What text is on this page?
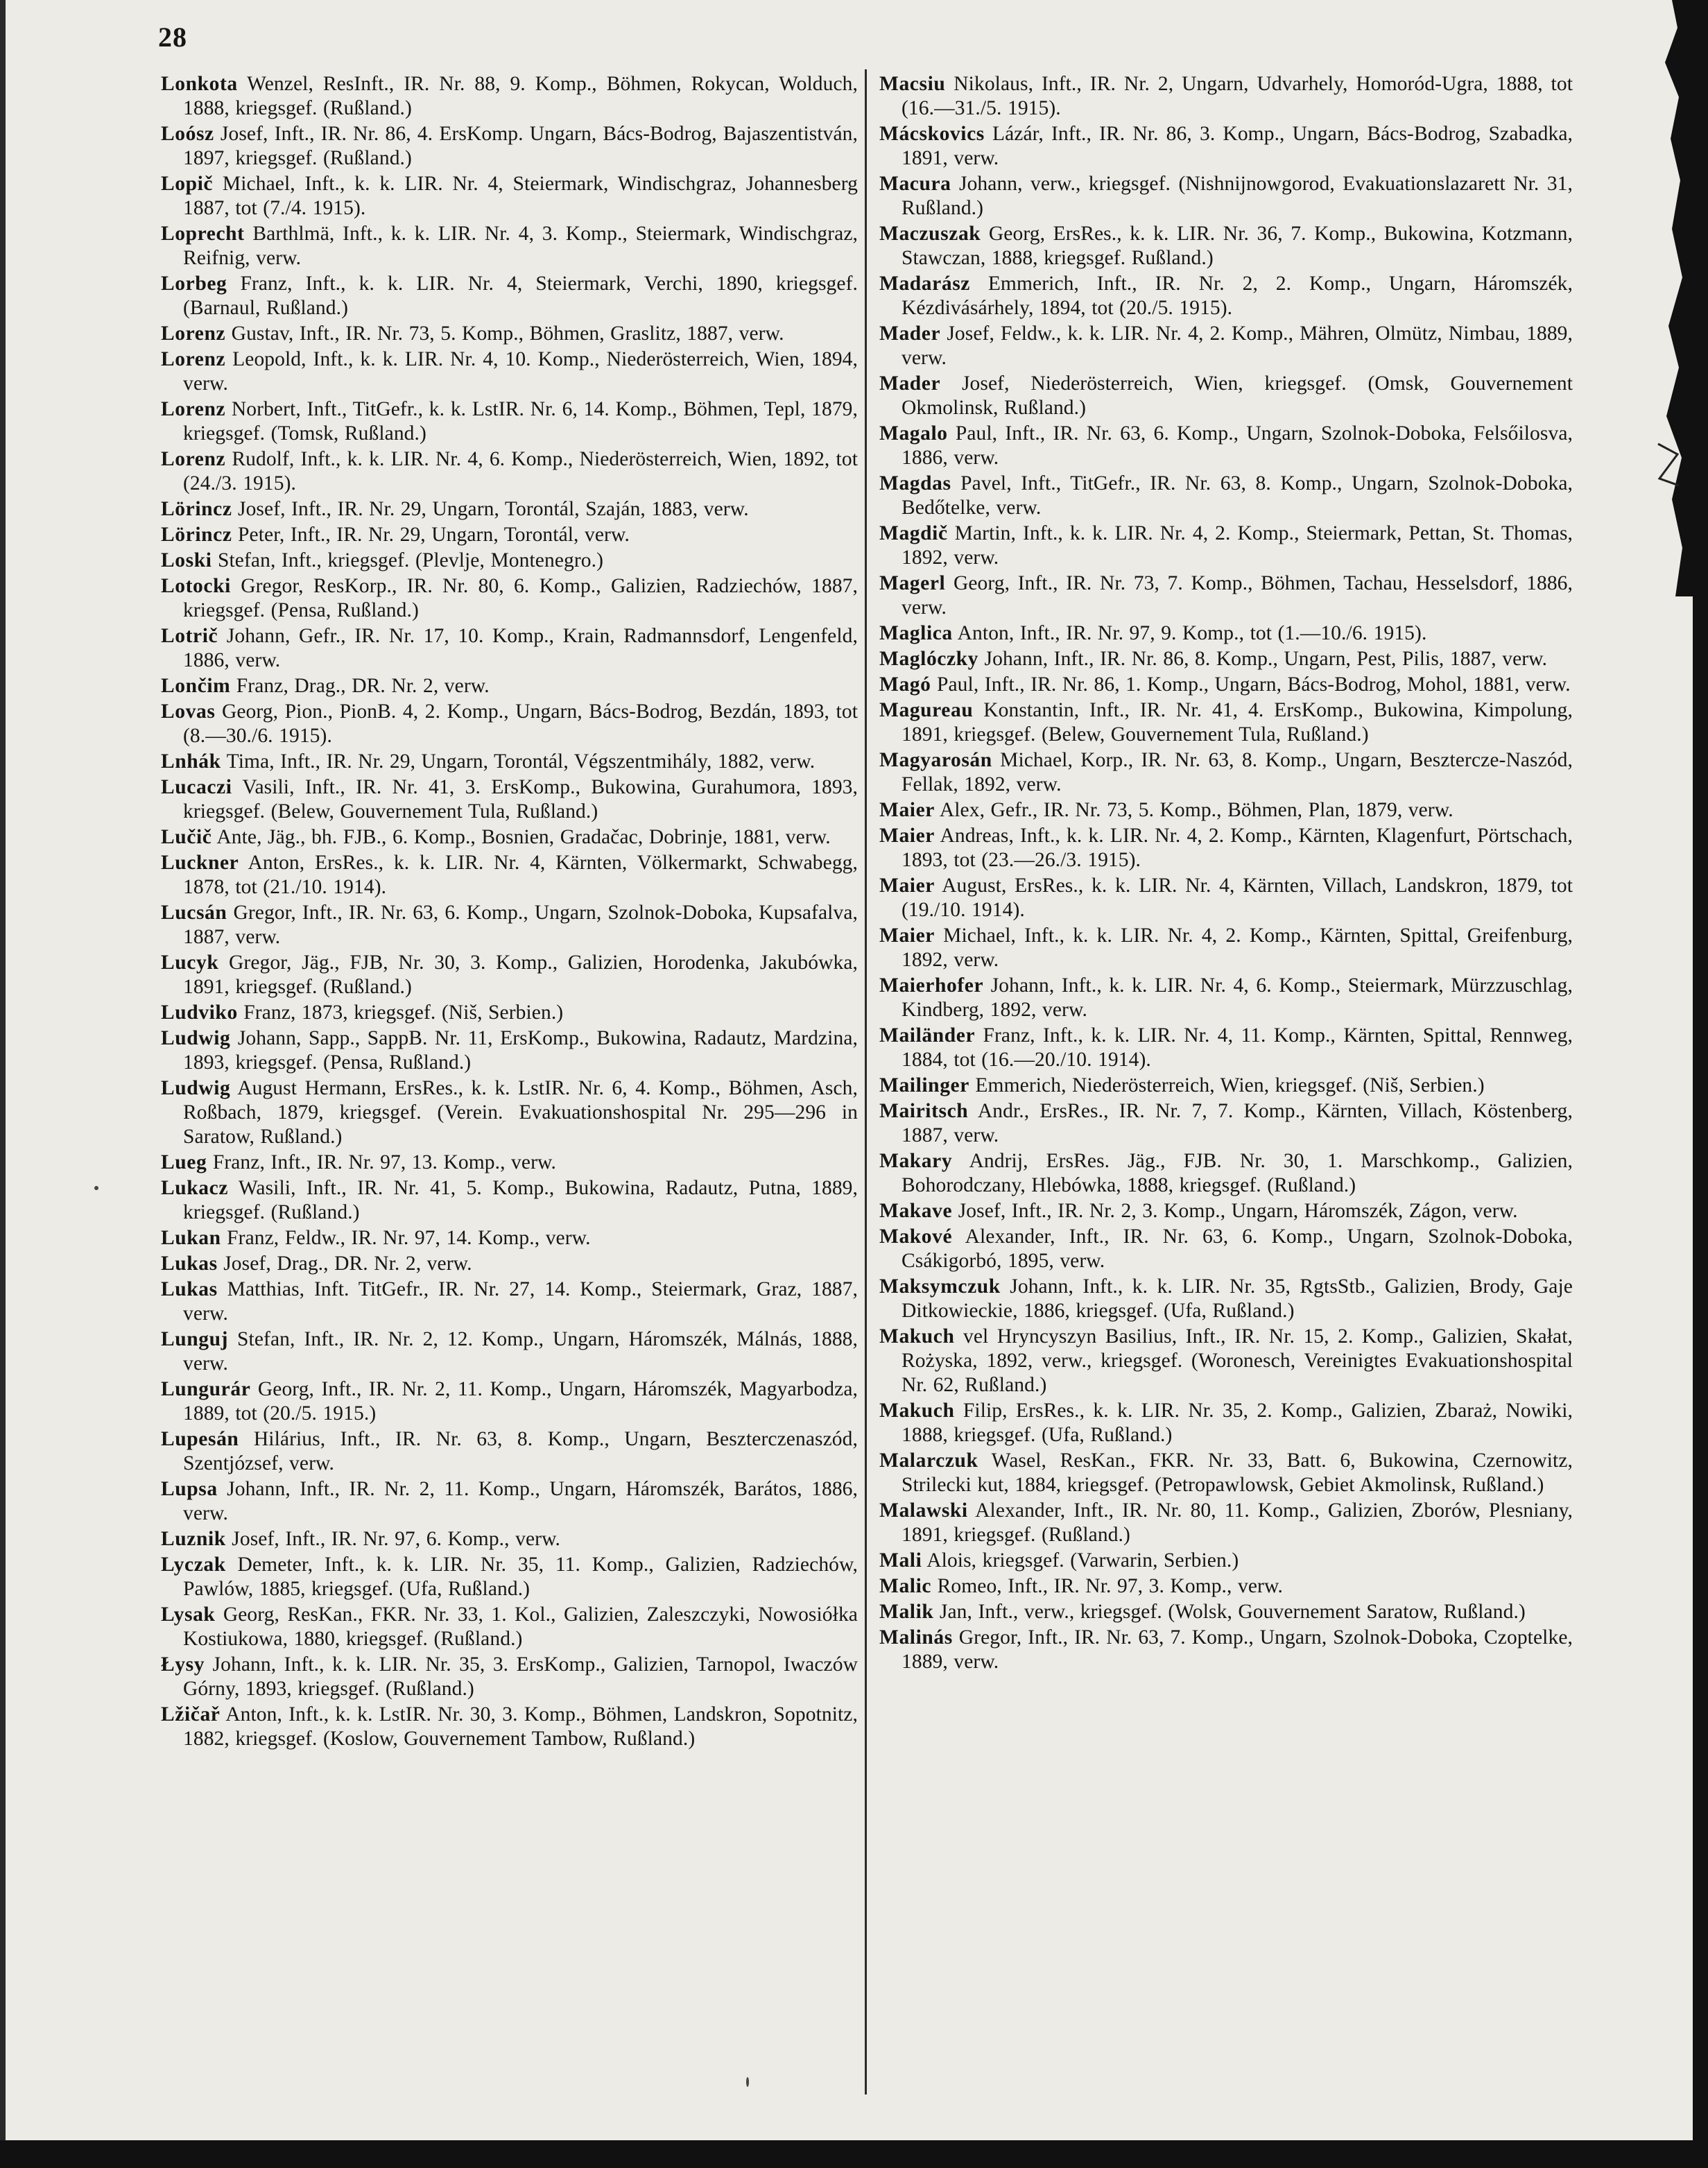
28

Lonkota Wenzel, ResInft., IR. Nr. 88, 9. Komp., Böhmen, Rokycan, Wolduch, 1888, kriegsgef. (Rußland.)

Loósz Josef, Inft., IR. Nr. 86, 4. ErsKomp. Ungarn, Bács-Bodrog, Bajaszentistván, 1897, kriegsgef. (Rußland.)

Lopič Michael, Inft., k. k. LIR. Nr. 4, Steiermark, Windischgraz, Johannesberg 1887, tot (7./4. 1915).

Loprecht Barthlmä, Inft., k. k. LIR. Nr. 4, 3. Komp., Steiermark, Windischgraz, Reifnig, verw.

Lorbeg Franz, Inft., k. k. LIR. Nr. 4, Steiermark, Verchi, 1890, kriegsgef. (Barnaul, Rußland.)

Lorenz Gustav, Inft., IR. Nr. 73, 5. Komp., Böhmen, Graslitz, 1887, verw.

Lorenz Leopold, Inft., k. k. LIR. Nr. 4, 10. Komp., Niederösterreich, Wien, 1894, verw.

Lorenz Norbert, Inft., TitGefr., k. k. LstIR. Nr. 6, 14. Komp., Böhmen, Tepl, 1879, kriegsgef. (Tomsk, Rußland.)

Lorenz Rudolf, Inft., k. k. LIR. Nr. 4, 6. Komp., Niederösterreich, Wien, 1892, tot (24./3. 1915).

Lörincz Josef, Inft., IR. Nr. 29, Ungarn, Torontál, Szaján, 1883, verw.

Lörincz Peter, Inft., IR. Nr. 29, Ungarn, Torontál, verw.

Loski Stefan, Inft., kriegsgef. (Plevlje, Montenegro.)

Lotocki Gregor, ResKorp., IR. Nr. 80, 6. Komp., Galizien, Radziechów, 1887, kriegsgef. (Pensa, Rußland.)

Lotrič Johann, Gefr., IR. Nr. 17, 10. Komp., Krain, Radmannsdorf, Lengenfeld, 1886, verw.

Lončim Franz, Drag., DR. Nr. 2, verw.

Lovas Georg, Pion., PionB. 4, 2. Komp., Ungarn, Bács-Bodrog, Bezdán, 1893, tot (8.—30./6. 1915).

Lnhák Tima, Inft., IR. Nr. 29, Ungarn, Torontál, Végszentmihály, 1882, verw.

Lucaczi Vasili, Inft., IR. Nr. 41, 3. ErsKomp., Bukowina, Gurahumora, 1893, kriegsgef. (Belew, Gouvernement Tula, Rußland.)

Lučič Ante, Jäg., bh. FJB., 6. Komp., Bosnien, Gradačac, Dobrinje, 1881, verw.

Luckner Anton, ErsRes., k. k. LIR. Nr. 4, Kärnten, Völkermarkt, Schwabegg, 1878, tot (21./10. 1914).

Lucsán Gregor, Inft., IR. Nr. 63, 6. Komp., Ungarn, Szolnok-Doboka, Kupsafalva, 1887, verw.

Lucyk Gregor, Jäg., FJB, Nr. 30, 3. Komp., Galizien, Horodenka, Jakubówka, 1891, kriegsgef. (Rußland.)

Ludviko Franz, 1873, kriegsgef. (Niš, Serbien.)

Ludwig Johann, Sapp., SappB. Nr. 11, ErsKomp., Bukowina, Radautz, Mardzina, 1893, kriegsgef. (Pensa, Rußland.)

Ludwig August Hermann, ErsRes., k. k. LstIR. Nr. 6, 4. Komp., Böhmen, Asch, Roßbach, 1879, kriegsgef. (Verein. Evakuationshospital Nr. 295—296 in Saratow, Rußland.)

Lueg Franz, Inft., IR. Nr. 97, 13. Komp., verw.

Lukacz Wasili, Inft., IR. Nr. 41, 5. Komp., Bukowina, Radautz, Putna, 1889, kriegsgef. (Rußland.)

Lukan Franz, Feldw., IR. Nr. 97, 14. Komp., verw.

Lukas Josef, Drag., DR. Nr. 2, verw.

Lukas Matthias, Inft. TitGefr., IR. Nr. 27, 14. Komp., Steiermark, Graz, 1887, verw.

Lunguj Stefan, Inft., IR. Nr. 2, 12. Komp., Ungarn, Háromszék, Málnás, 1888, verw.

Lungurár Georg, Inft., IR. Nr. 2, 11. Komp., Ungarn, Háromszék, Magyarbodza, 1889, tot (20./5. 1915.)

Lupesán Hilárius, Inft., IR. Nr. 63, 8. Komp., Ungarn, Beszterczenaszód, Szentjózsef, verw.

Lupsa Johann, Inft., IR. Nr. 2, 11. Komp., Ungarn, Háromszék, Barátos, 1886, verw.

Luznik Josef, Inft., IR. Nr. 97, 6. Komp., verw.

Lyczak Demeter, Inft., k. k. LIR. Nr. 35, 11. Komp., Galizien, Radziechów, Pawlów, 1885, kriegsgef. (Ufa, Rußland.)

Lysak Georg, ResKan., FKR. Nr. 33, 1. Kol., Galizien, Zaleszczyki, Nowosiółka Kostiukowa, 1880, kriegsgef. (Rußland.)

Łysy Johann, Inft., k. k. LIR. Nr. 35, 3. ErsKomp., Galizien, Tarnopol, Iwaczów Górny, 1893, kriegsgef. (Rußland.)

Lžičař Anton, Inft., k. k. LstIR. Nr. 30, 3. Komp., Böhmen, Landskron, Sopotnitz, 1882, kriegsgef. (Koslow, Gouvernement Tambow, Rußland.)

Macsiu Nikolaus, Inft., IR. Nr. 2, Ungarn, Udvarhely, Homoród-Ugra, 1888, tot (16.—31./5. 1915).

Mácskovics Lázár, Inft., IR. Nr. 86, 3. Komp., Ungarn, Bács-Bodrog, Szabadka, 1891, verw.

Macura Johann, verw., kriegsgef. (Nishnijnowgorod, Evakuationslazarett Nr. 31, Rußland.)

Maczuszak Georg, ErsRes., k. k. LIR. Nr. 36, 7. Komp., Bukowina, Kotzmann, Stawczan, 1888, kriegsgef. Rußland.)

Madarász Emmerich, Inft., IR. Nr. 2, 2. Komp., Ungarn, Háromszék, Kézdivásárhely, 1894, tot (20./5. 1915).

Mader Josef, Feldw., k. k. LIR. Nr. 4, 2. Komp., Mähren, Olmütz, Nimbau, 1889, verw.

Mader Josef, Niederösterreich, Wien, kriegsgef. (Omsk, Gouvernement Okmolinsk, Rußland.)

Magalo Paul, Inft., IR. Nr. 63, 6. Komp., Ungarn, Szolnok-Doboka, Felsőilosva, 1886, verw.

Magdas Pavel, Inft., TitGefr., IR. Nr. 63, 8. Komp., Ungarn, Szolnok-Doboka, Bedőtelke, verw.

Magdič Martin, Inft., k. k. LIR. Nr. 4, 2. Komp., Steiermark, Pettan, St. Thomas, 1892, verw.

Magerl Georg, Inft., IR. Nr. 73, 7. Komp., Böhmen, Tachau, Hesselsdorf, 1886, verw.

Maglica Anton, Inft., IR. Nr. 97, 9. Komp., tot (1.—10./6. 1915).

Maglóczky Johann, Inft., IR. Nr. 86, 8. Komp., Ungarn, Pest, Pilis, 1887, verw.

Magó Paul, Inft., IR. Nr. 86, 1. Komp., Ungarn, Bács-Bodrog, Mohol, 1881, verw.

Magureau Konstantin, Inft., IR. Nr. 41, 4. ErsKomp., Bukowina, Kimpolung, 1891, kriegsgef. (Belew, Gouvernement Tula, Rußland.)

Magyarosán Michael, Korp., IR. Nr. 63, 8. Komp., Ungarn, Besztercze-Naszód, Fellak, 1892, verw.

Maier Alex, Gefr., IR. Nr. 73, 5. Komp., Böhmen, Plan, 1879, verw.

Maier Andreas, Inft., k. k. LIR. Nr. 4, 2. Komp., Kärnten, Klagenfurt, Pörtschach, 1893, tot (23.—26./3. 1915).

Maier August, ErsRes., k. k. LIR. Nr. 4, Kärnten, Villach, Landskron, 1879, tot (19./10. 1914).

Maier Michael, Inft., k. k. LIR. Nr. 4, 2. Komp., Kärnten, Spittal, Greifenburg, 1892, verw.

Maierhofer Johann, Inft., k. k. LIR. Nr. 4, 6. Komp., Steiermark, Mürzzuschlag, Kindberg, 1892, verw.

Mailänder Franz, Inft., k. k. LIR. Nr. 4, 11. Komp., Kärnten, Spittal, Rennweg, 1884, tot (16.—20./10. 1914).

Mailinger Emmerich, Niederösterreich, Wien, kriegsgef. (Niš, Serbien.)

Mairitsch Andr., ErsRes., IR. Nr. 7, 7. Komp., Kärnten, Villach, Köstenberg, 1887, verw.

Makary Andrij, ErsRes. Jäg., FJB. Nr. 30, 1. Marschkomp., Galizien, Bohorodczany, Hlebówka, 1888, kriegsgef. (Rußland.)

Makave Josef, Inft., IR. Nr. 2, 3. Komp., Ungarn, Háromszék, Zágon, verw.

Makové Alexander, Inft., IR. Nr. 63, 6. Komp., Ungarn, Szolnok-Doboka, Csákigorbó, 1895, verw.

Maksymczuk Johann, Inft., k. k. LIR. Nr. 35, RgtsStb., Galizien, Brody, Gaje Ditkowieckie, 1886, kriegsgef. (Ufa, Rußland.)

Makuch vel Hryncyszyn Basilius, Inft., IR. Nr. 15, 2. Komp., Galizien, Skałat, Rożyska, 1892, verw., kriegsgef. (Woronesch, Vereinigtes Evakuationshospital Nr. 62, Rußland.)

Makuch Filip, ErsRes., k. k. LIR. Nr. 35, 2. Komp., Galizien, Zbaraż, Nowiki, 1888, kriegsgef. (Ufa, Rußland.)

Malarczuk Wasel, ResKan., FKR. Nr. 33, Batt. 6, Bukowina, Czernowitz, Strilecki kut, 1884, kriegsgef. (Petropawlowsk, Gebiet Akmolinsk, Rußland.)

Malawski Alexander, Inft., IR. Nr. 80, 11. Komp., Galizien, Zborów, Plesniany, 1891, kriegsgef. (Rußland.)

Mali Alois, kriegsgef. (Varwarin, Serbien.)

Malic Romeo, Inft., IR. Nr. 97, 3. Komp., verw.

Malik Jan, Inft., verw., kriegsgef. (Wolsk, Gouvernement Saratow, Rußland.)

Malinás Gregor, Inft., IR. Nr. 63, 7. Komp., Ungarn, Szolnok-Doboka, Czoptelke, 1889, verw.
